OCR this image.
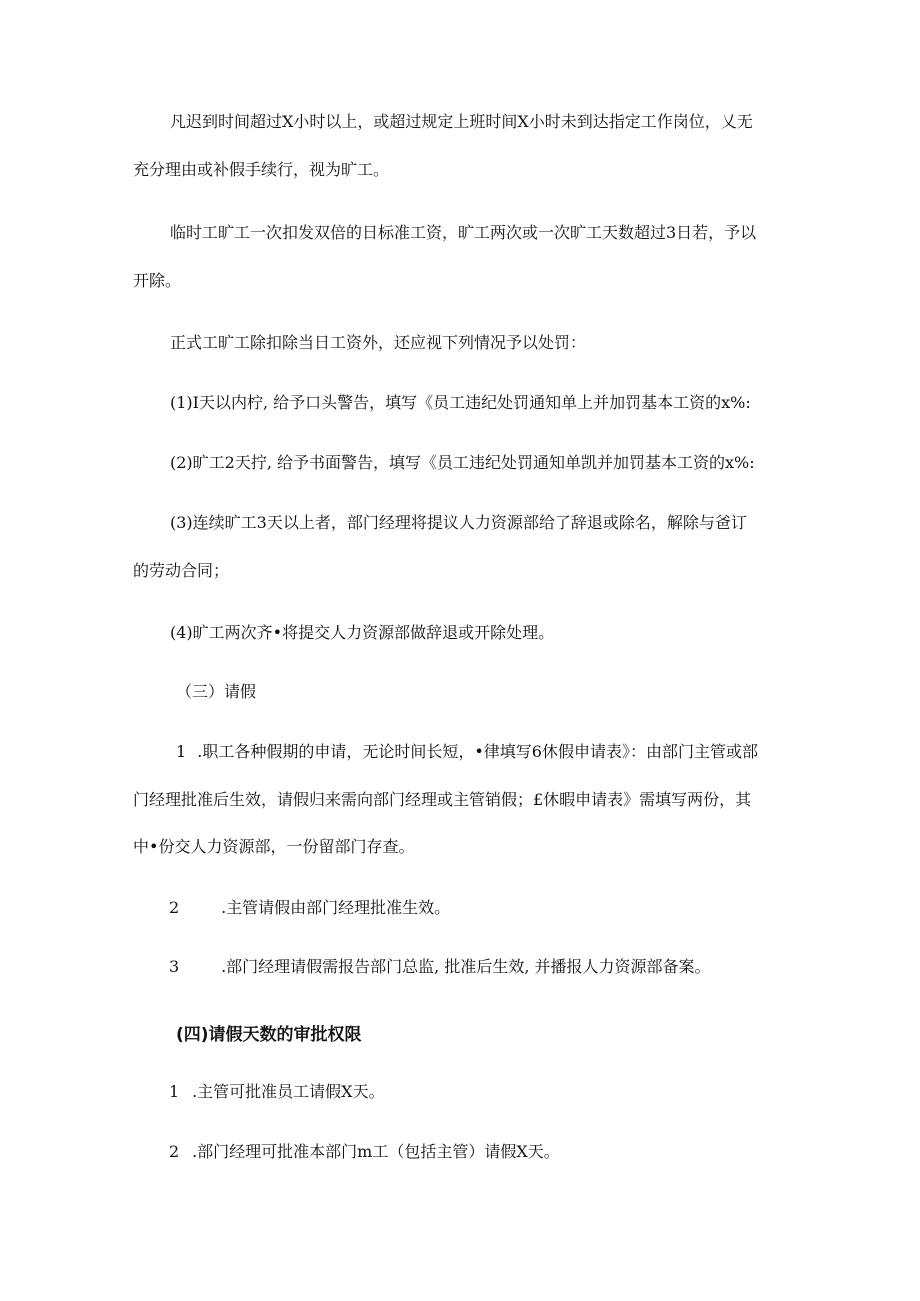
凡迟到时间超过X小时以上，或超过规定上班时间X小时未到达指定工作岗位，乂无
充分理由或补假手续行，视为旷工。
临时工旷工一次扣发双倍的日标准工资，旷工两次或一次旷工天数超过3日若，予以
开除。
正式工旷工除扣除当日工资外，还应视下列情况予以处罚：
(1)I天以内柠, 给予口头警告，填写《员工违纪处罚通知单上并加罚基本工资的x%:
(2)旷工2天拧, 给予书面警告，填写《员工违纪处罚通知单凯并加罚基本工资的x%:
(3)连续旷工3天以上者，部门经理将提议人力资源部给了辞退或除名，解除与爸订
的劳动合同；
(4)旷工两次齐•将提交人力资源部做辞退或开除处理。
（三）请假
1 .职工各种假期的申请，无论时间长短，•律填写6休假申请表》：由部门主管或部
门经理批准后生效，请假归来需向部门经理或主管销假；£休暇申请表》需填写两份，其
中•份交人力资源部，一份留部门存查。
2	.主管请假由部门经理批准生效。
3	.部门经理请假需报告部门总监, 批准后生效, 并播报人力资源部备案。
(四)请假天数的审批权限
1 .主管可批准员工请假X天。
2 .部门经理可批准本部门m工（包括主管）请假X天。
